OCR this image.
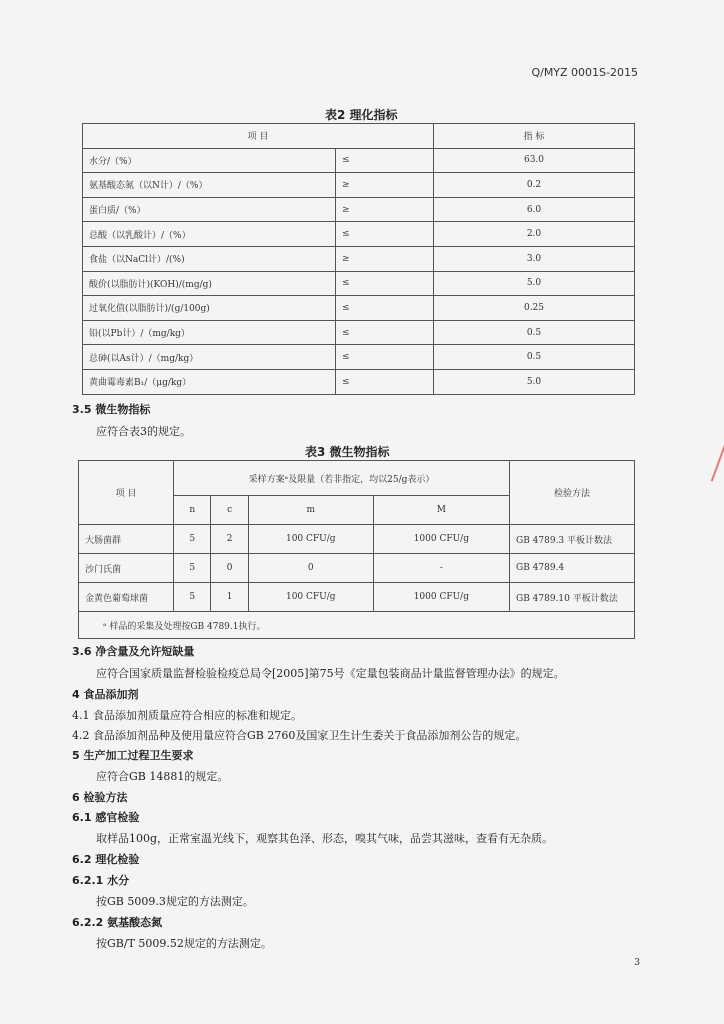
Q/MYZ 0001S-2015
表2 理化指标
项 目		指 标
水分/（%）	≤	63.0
氨基酸态氮（以N计）/（%）	≥	0.2
蛋白质/（%）	≥	6.0
总酸（以乳酸计）/（%）	≤	2.0
食盐（以NaCl计）/(%)	≥	3.0
酸价(以脂肪计)(KOH)/(mg/g)	≤	5.0
过氧化值(以脂肪计)/(g/100g)	≤	0.25
铅(以Pb计）/（mg/kg）	≤	0.5
总砷(以As计）/（mg/kg）	≤	0.5
黄曲霉毒素B₁/（μg/kg）	≤	5.0
3.5 微生物指标
应符合表3的规定。
表3 微生物指标
项 目	采样方案ᵃ及限量（若非指定，均以25/g表示）				检验方法
	n	c	m	M	
大肠菌群	5	2	100 CFU/g	1000 CFU/g	GB 4789.3 平板计数法
沙门氏菌	5	0	0	-	GB 4789.4
金黄色葡萄球菌	5	1	100 CFU/g	1000 CFU/g	GB 4789.10 平板计数法
ᵃ 样品的采集及处理按GB 4789.1执行。					
3.6 净含量及允许短缺量
应符合国家质量监督检验检疫总局令[2005]第75号《定量包装商品计量监督管理办法》的规定。
4 食品添加剂
4.1 食品添加剂质量应符合相应的标准和规定。
4.2 食品添加剂品种及使用量应符合GB 2760及国家卫生计生委关于食品添加剂公告的规定。
5 生产加工过程卫生要求
应符合GB 14881的规定。
6 检验方法
6.1 感官检验
取样品100g，正常室温光线下，观察其色泽、形态，嗅其气味，品尝其滋味，查看有无杂质。
6.2 理化检验
6.2.1 水分
按GB 5009.3规定的方法测定。
6.2.2 氨基酸态氮
按GB/T 5009.52规定的方法测定。
3
